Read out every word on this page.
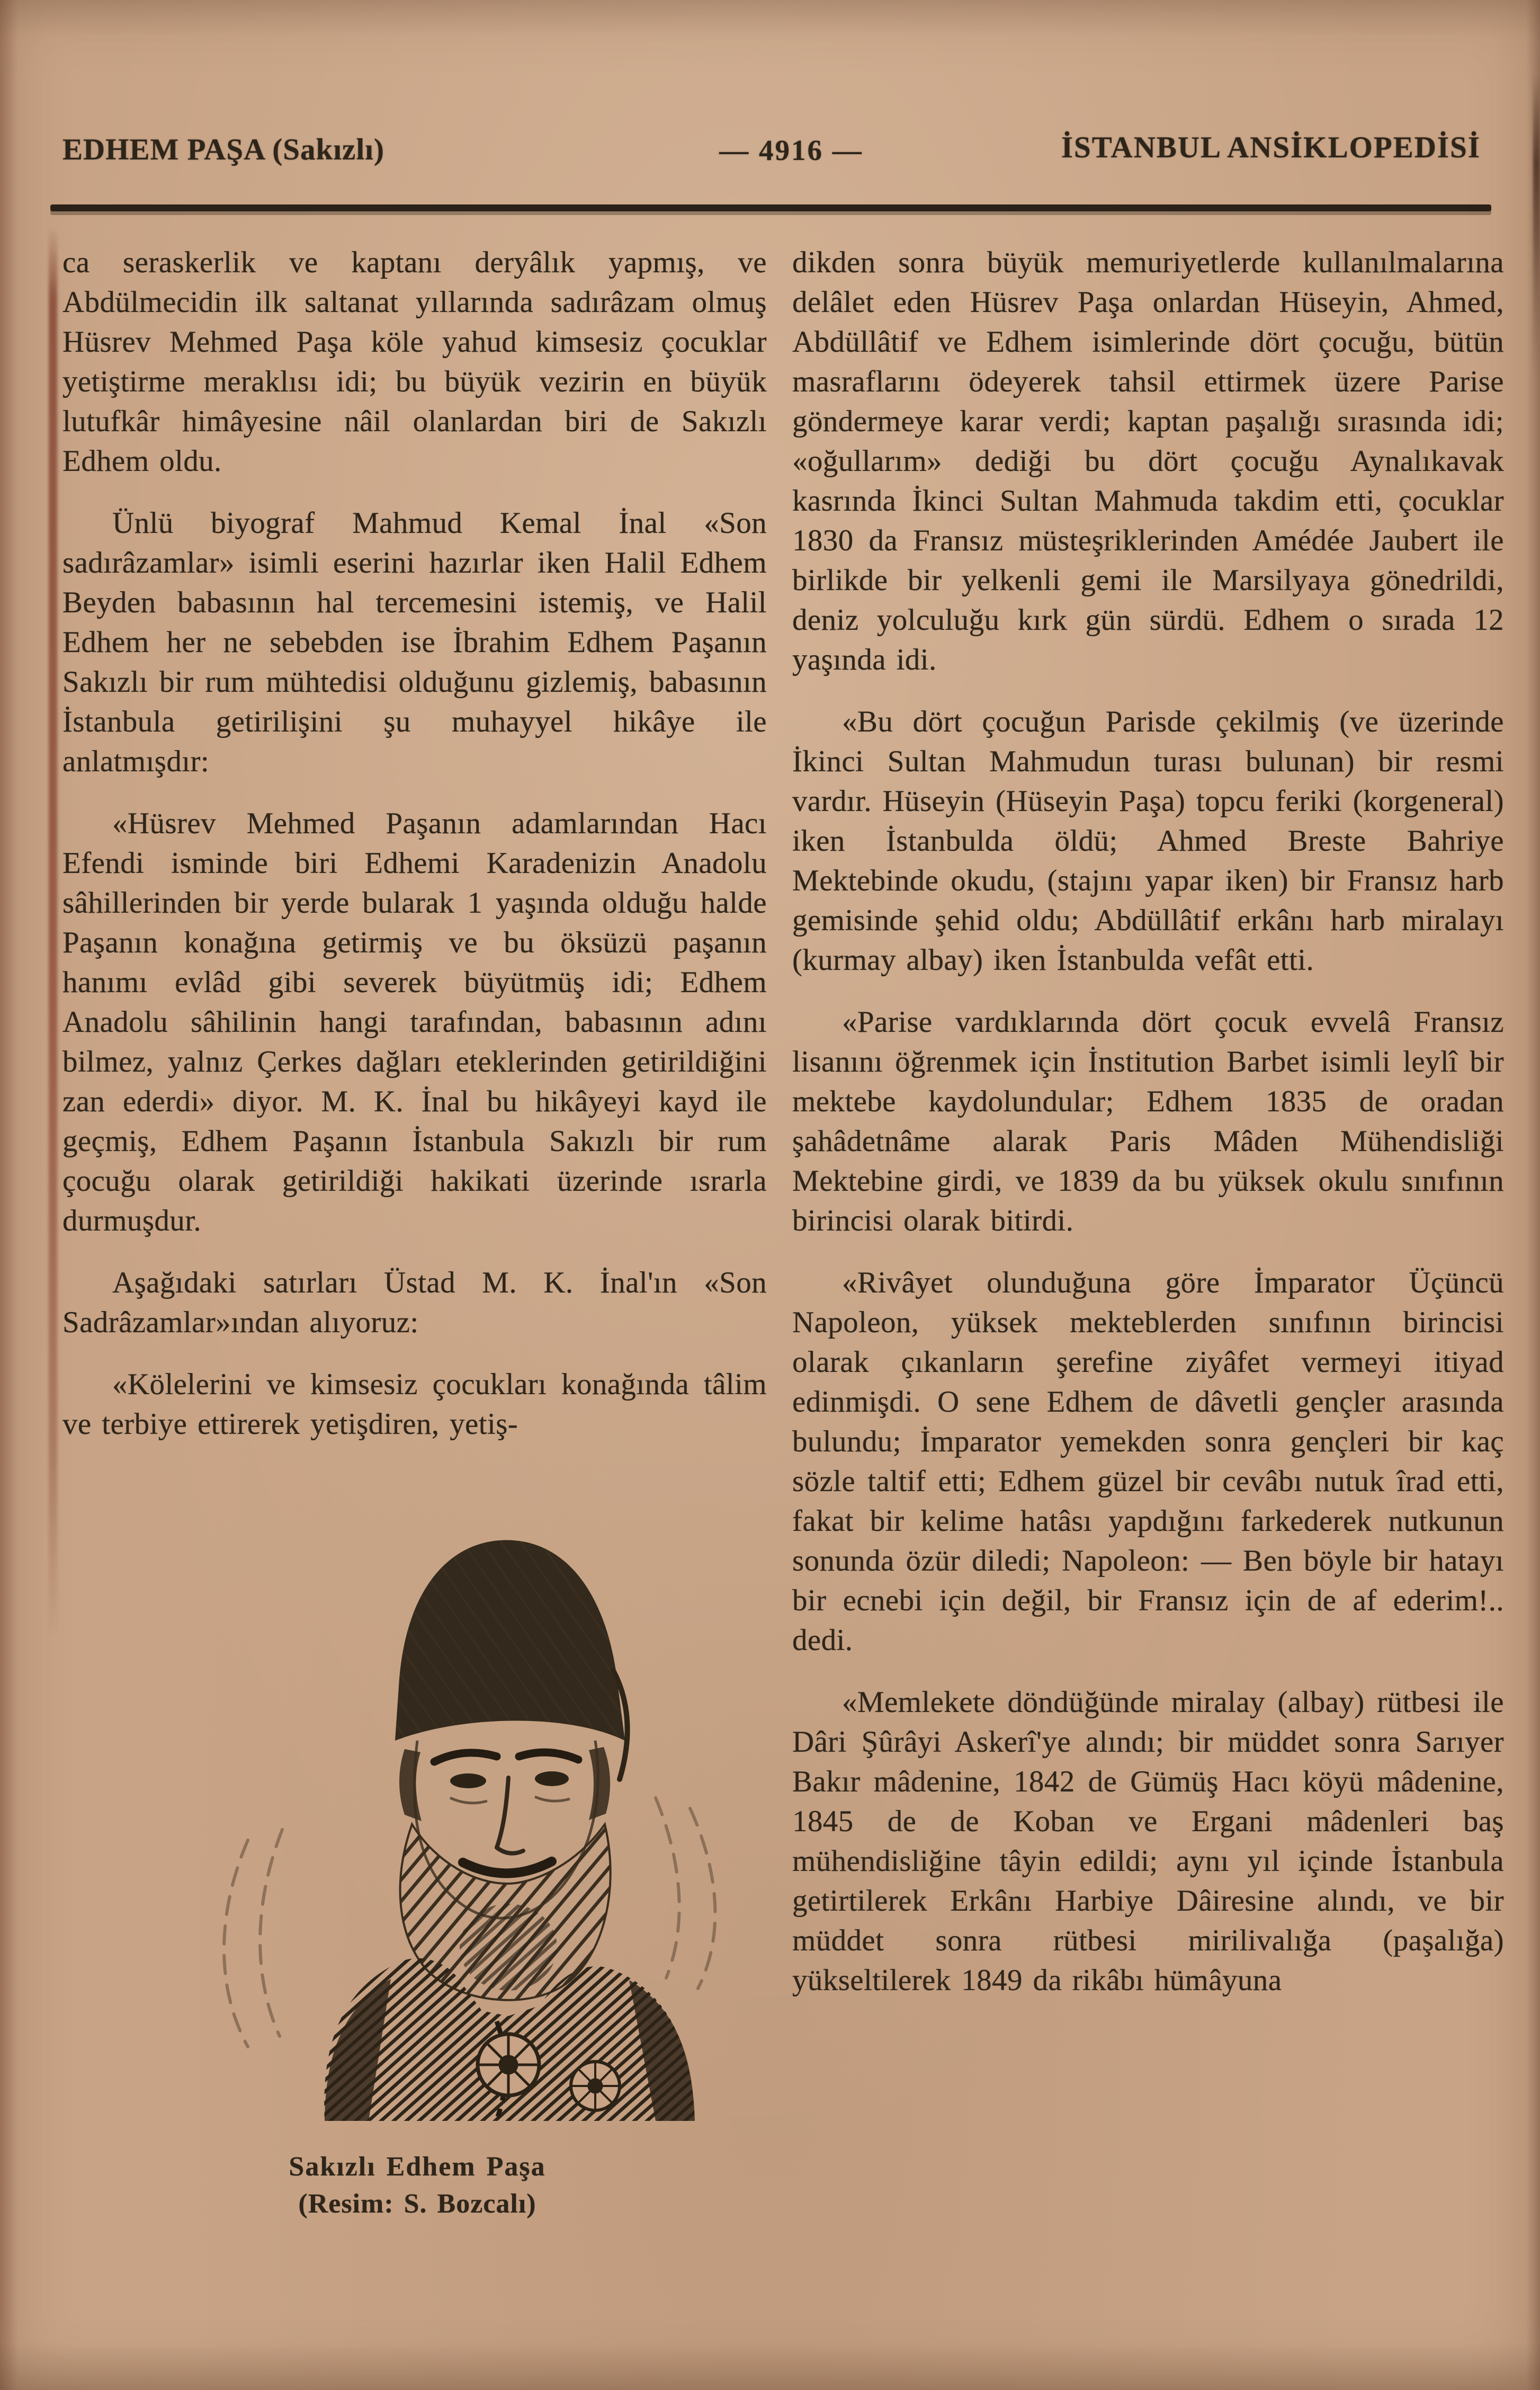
EDHEM PAŞA (Sakızlı)	— 4916 —	İSTANBUL ANSİKLOPEDİSİ

ca seraskerlik ve kaptanı deryâlık yapmış, ve Abdülmecidin ilk saltanat yıllarında sadırâzam olmuş Hüsrev Mehmed Paşa köle yahud kimsesiz çocuklar yetiştirme meraklısı idi; bu büyük vezirin en büyük lutufkâr himâyesine nâil olanlardan biri de Sakızlı Edhem oldu.

Ünlü biyograf Mahmud Kemal İnal «Son sadırâzamlar» isimli eserini hazırlar iken Halil Edhem Beyden babasının hal tercemesini istemiş, ve Halil Edhem her ne sebebden ise İbrahim Edhem Paşanın Sakızlı bir rum mühtedisi olduğunu gizlemiş, babasının İstanbula getirilişini şu muhayyel hikâye ile anlatmışdır:

«Hüsrev Mehmed Paşanın adamlarından Hacı Efendi isminde biri Edhemi Karadenizin Anadolu sâhillerinden bir yerde bularak 1 yaşında olduğu halde Paşanın konağına getirmiş ve bu öksüzü paşanın hanımı evlâd gibi severek büyütmüş idi; Edhem Anadolu sâhilinin hangi tarafından, babasının adını bilmez, yalnız Çerkes dağları eteklerinden getirildiğini zan ederdi» diyor. M. K. İnal bu hikâyeyi kayd ile geçmiş, Edhem Paşanın İstanbula Sakızlı bir rum çocuğu olarak getirildiği hakikati üzerinde ısrarla durmuşdur.

Aşağıdaki satırları Üstad M. K. İnal'ın «Son Sadrâzamlar»ından alıyoruz:

«Kölelerini ve kimsesiz çocukları konağında tâlim ve terbiye ettirerek yetişdiren, yetiş-

Sakızlı Edhem Paşa
(Resim: S. Bozcalı)

dikden sonra büyük memuriyetlerde kullanılmalarına delâlet eden Hüsrev Paşa onlardan Hüseyin, Ahmed, Abdüllâtif ve Edhem isimlerinde dört çocuğu, bütün masraflarını ödeyerek tahsil ettirmek üzere Parise göndermeye karar verdi; kaptan paşalığı sırasında idi; «oğullarım» dediği bu dört çocuğu Aynalıkavak kasrında İkinci Sultan Mahmuda takdim etti, çocuklar 1830 da Fransız müsteşriklerinden Amédée Jaubert ile birlikde bir yelkenli gemi ile Marsilyaya gönedrildi, deniz yolculuğu kırk gün sürdü. Edhem o sırada 12 yaşında idi.

«Bu dört çocuğun Parisde çekilmiş (ve üzerinde İkinci Sultan Mahmudun turası bulunan) bir resmi vardır. Hüseyin (Hüseyin Paşa) topcu feriki (korgeneral) iken İstanbulda öldü; Ahmed Breste Bahriye Mektebinde okudu, (stajını yapar iken) bir Fransız harb gemisinde şehid oldu; Abdüllâtif erkânı harb miralayı (kurmay albay) iken İstanbulda vefât etti.

«Parise vardıklarında dört çocuk evvelâ Fransız lisanını öğrenmek için İnstitution Barbet isimli leylî bir mektebe kaydolundular; Edhem 1835 de oradan şahâdetnâme alarak Paris Mâden Mühendisliği Mektebine girdi, ve 1839 da bu yüksek okulu sınıfının birincisi olarak bitirdi.

«Rivâyet olunduğuna göre İmparator Üçüncü Napoleon, yüksek mekteblerden sınıfının birincisi olarak çıkanların şerefine ziyâfet vermeyi itiyad edinmişdi. O sene Edhem de dâvetli gençler arasında bulundu; İmparator yemekden sonra gençleri bir kaç sözle taltif etti; Edhem güzel bir cevâbı nutuk îrad etti, fakat bir kelime hatâsı yapdığını farkederek nutkunun sonunda özür diledi; Napoleon: — Ben böyle bir hatayı bir ecnebi için değil, bir Fransız için de af ederim!.. dedi.

«Memlekete döndüğünde miralay (albay) rütbesi ile Dâri Şûrâyi Askerî'ye alındı; bir müddet sonra Sarıyer Bakır mâdenine, 1842 de Gümüş Hacı köyü mâdenine, 1845 de de Koban ve Ergani mâdenleri baş mühendisliğine tâyin edildi; aynı yıl içinde İstanbula getirtilerek Erkânı Harbiye Dâiresine alındı, ve bir müddet sonra rütbesi mirilivalığa (paşalığa) yükseltilerek 1849 da rikâbı hümâyuna
